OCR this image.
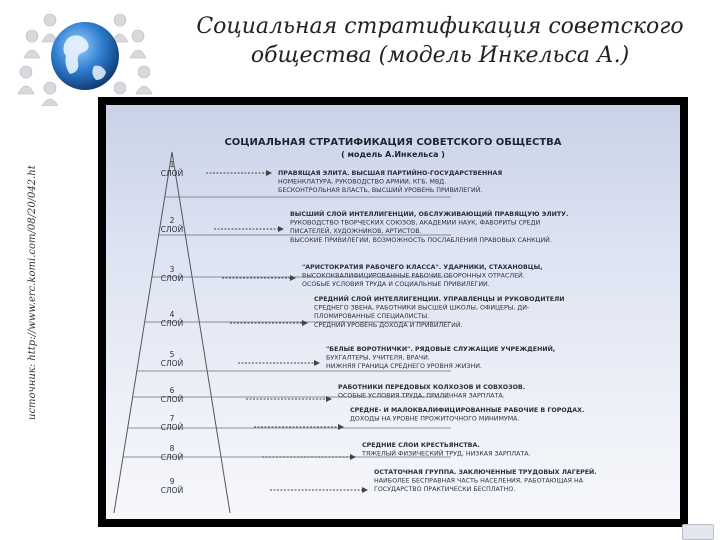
Социальная стратификация советского
общества (модель Инкельса А.)
источник: http://www.erc.komi.com/08/20/042.ht
СОЦИАЛЬНАЯ СТРАТИФИКАЦИЯ СОВЕТСКОГО ОБЩЕСТВА
( модель А.Инкельса )
1
СЛОЙ	ПРАВЯЩАЯ ЭЛИТА. ВЫСШАЯ ПАРТИЙНО-ГОСУДАРСТВЕННАЯ
НОМЕНКЛАТУРА, РУКОВОДСТВО АРМИИ, КГБ, МВД.
БЕСКОНТРОЛЬНАЯ ВЛАСТЬ, ВЫСШИЙ УРОВЕНЬ ПРИВИЛЕГИЙ.
2
СЛОЙ
ВЫСШИЙ СЛОЙ ИНТЕЛЛИГЕНЦИИ, ОБСЛУЖИВАЮЩИЙ ПРАВЯЩУЮ ЭЛИТУ.
РУКОВОДСТВО ТВОРЧЕСКИХ СОЮЗОВ, АКАДЕМИИ НАУК, ФАВОРИТЫ СРЕДИ
ПИСАТЕЛЕЙ, ХУДОЖНИКОВ, АРТИСТОВ.
ВЫСОКИЕ ПРИВИЛЕГИИ, ВОЗМОЖНОСТЬ ПОСЛАБЛЕНИЯ ПРАВОВЫХ САНКЦИЙ.
3
СЛОЙ
"АРИСТОКРАТИЯ РАБОЧЕГО КЛАССА". УДАРНИКИ, СТАХАНОВЦЫ,
ВЫСОКОКВАЛИФИЦИРОВАННЫЕ РАБОЧИЕ ОБОРОННЫХ ОТРАСЛЕЙ.
ОСОБЫЕ УСЛОВИЯ ТРУДА И СОЦИАЛЬНЫЕ ПРИВИЛЕГИИ.
4
СЛОЙ
СРЕДНИЙ СЛОЙ ИНТЕЛЛИГЕНЦИИ. УПРАВЛЕНЦЫ И РУКОВОДИТЕЛИ
СРЕДНЕГО ЗВЕНА, РАБОТНИКИ ВЫСШЕЙ ШКОЛЫ, ОФИЦЕРЫ, ДИ-
ПЛОМИРОВАННЫЕ СПЕЦИАЛИСТЫ.
СРЕДНИЙ УРОВЕНЬ ДОХОДА И ПРИВИЛЕГИЙ.
5
СЛОЙ
"БЕЛЫЕ ВОРОТНИЧКИ". РЯДОВЫЕ СЛУЖАЩИЕ УЧРЕЖДЕНИЙ,
БУХГАЛТЕРЫ, УЧИТЕЛЯ, ВРАЧИ.
НИЖНЯЯ ГРАНИЦА СРЕДНЕГО УРОВНЯ ЖИЗНИ.
6
СЛОЙ
РАБОТНИКИ ПЕРЕДОВЫХ КОЛХОЗОВ И СОВХОЗОВ.
ОСОБЫЕ УСЛОВИЯ ТРУДА, ПРИЛИЧНАЯ ЗАРПЛАТА.
7
СЛОЙ
СРЕДНЕ- И МАЛОКВАЛИФИЦИРОВАННЫЕ РАБОЧИЕ В ГОРОДАХ.
ДОХОДЫ НА УРОВНЕ ПРОЖИТОЧНОГО МИНИМУМА.
8
СЛОЙ
СРЕДНИЕ СЛОИ КРЕСТЬЯНСТВА.
ТЯЖЕЛЫЙ ФИЗИЧЕСКИЙ ТРУД, НИЗКАЯ ЗАРПЛАТА.
9
СЛОЙ
ОСТАТОЧНАЯ ГРУППА. ЗАКЛЮЧЕННЫЕ ТРУДОВЫХ ЛАГЕРЕЙ.
НАИБОЛЕЕ БЕСПРАВНАЯ ЧАСТЬ НАСЕЛЕНИЯ, РАБОТАЮЩАЯ НА
ГОСУДАРСТВО ПРАКТИЧЕСКИ БЕСПЛАТНО.
